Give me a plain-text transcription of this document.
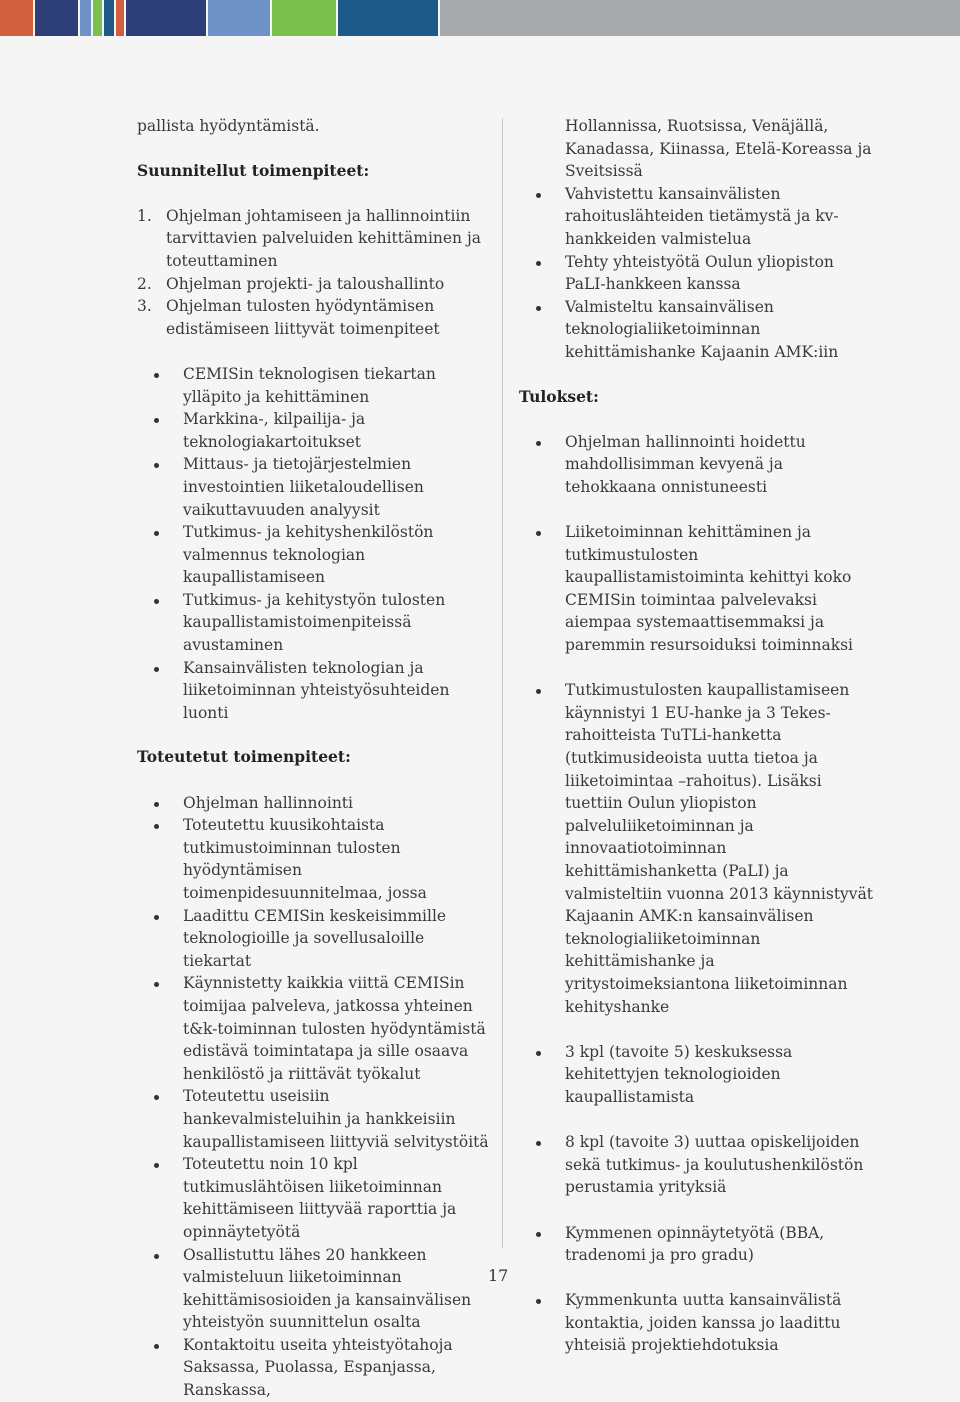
pallista hyödyntämistä.

Suunnitellut toimenpiteet:

1. Ohjelman johtamiseen ja hallinnointiin tarvittavien palveluiden kehittäminen ja toteuttaminen
2. Ohjelman projekti- ja taloushallinto
3. Ohjelman tulosten hyödyntämisen edistämiseen liittyvät toimenpiteet
CEMISin teknologisen tiekartan ylläpito ja kehittäminen
Markkina-, kilpailija- ja teknologiakartoitukset
Mittaus- ja tietojärjestelmien investointien liiketaloudellisen vaikuttavuuden analyysit
Tutkimus- ja kehityshenkilöstön valmennus teknologian kaupallistamiseen
Tutkimus- ja kehitystyön tulosten kaupallistamistoimenpiteissä avustaminen
Kansainvälisten teknologian ja liiketoiminnan yhteistyösuhteiden luonti

Toteutetut toimenpiteet:

Ohjelman hallinnointi
Toteutettu kuusikohtaista tutkimustoiminnan tulosten hyödyntämisen toimenpidesuunnitelmaa, jossa
Laadittu CEMISin keskeisimmille teknologioille ja sovellusaloille tiekartat
Käynnistetty kaikkia viittä CEMISin toimijaa palveleva, jatkossa yhteinen t&k-toiminnan tulosten hyödyntämistä edistävä toimintatapa ja sille osaava henkilöstö ja riittävät työkalut
Toteutettu useisiin hankevalmisteluihin ja hankkeisiin kaupallistamiseen liittyviä selvitystöitä
Toteutettu noin 10 kpl tutkimuslähtöisen liiketoiminnan kehittämiseen liittyvää raporttia ja opinnäytetyötä
Osallistuttu lähes 20 hankkeen valmisteluun liiketoiminnan kehittämisosioiden ja kansainvälisen yhteistyön suunnittelun osalta
Kontaktoitu useita yhteistyötahoja Saksassa, Puolassa, Espanjassa, Ranskassa,
Hollannissa, Ruotsissa, Venäjällä, Kanadassa, Kiinassa, Etelä-Koreassa ja Sveitsissä
Vahvistettu kansainvälisten rahoituslähteiden tietämystä ja kv-hankkeiden valmistelua
Tehty yhteistyötä Oulun yliopiston PaLI-hankkeen kanssa
Valmisteltu kansainvälisen teknologialiiketoiminnan kehittämishanke Kajaanin AMK:iin

Tulokset:

Ohjelman hallinnointi hoidettu mahdollisimman kevyenä ja tehokkaana onnistuneesti
Liiketoiminnan kehittäminen ja tutkimustulosten kaupallistamistoiminta kehittyi koko CEMISin toimintaa palvelevaksi aiempaa systemaattisemmaksi ja paremmin resursoiduksi toiminnaksi
Tutkimustulosten kaupallistamiseen käynnistyi 1 EU-hanke ja 3 Tekes-rahoitteista TuTLi-hanketta (tutkimusideoista uutta tietoa ja liiketoimintaa –rahoitus). Lisäksi tuettiin Oulun yliopiston palveluliiketoiminnan ja innovaatiotoiminnan kehittämishanketta (PaLI) ja valmisteltiin vuonna 2013 käynnistyvät Kajaanin AMK:n kansainvälisen teknologialiiketoiminnan kehittämishanke ja yritystoimeksiantona liiketoiminnan kehityshanke
3 kpl (tavoite 5) keskuksessa kehitettyjen teknologioiden kaupallistamista
8 kpl (tavoite 3) uuttaa opiskelijoiden sekä tutkimus- ja koulutushenkilöstön perustamia yrityksiä
Kymmenen opinnäytetyötä (BBA, tradenomi ja pro gradu)
Kymmenkunta uutta kansainvälistä kontaktia, joiden kanssa jo laadittu yhteisiä projektiehdotuksia
17
